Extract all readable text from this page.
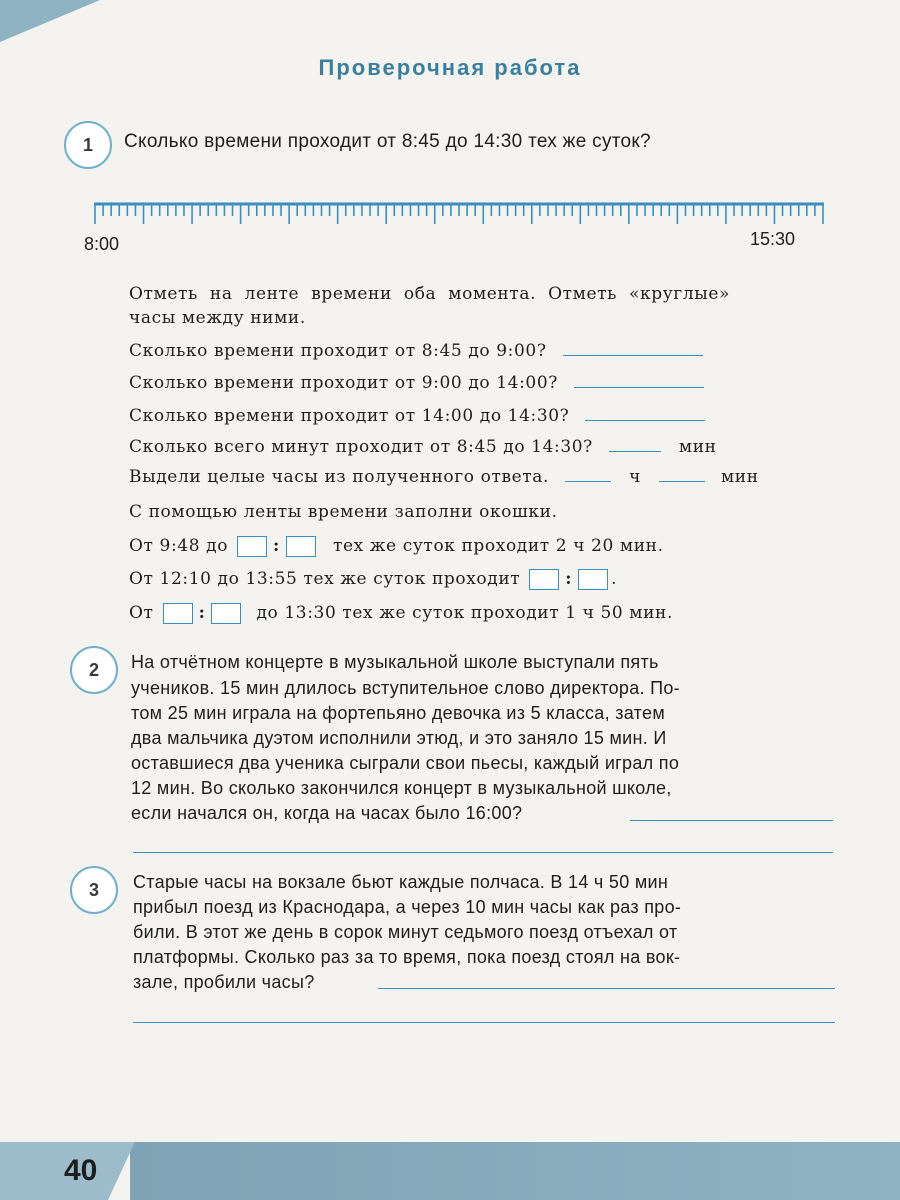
Проверочная работа
1	Сколько времени проходит от 8:45 до 14:30 тех же суток?
8:00	15:30
Отметь на ленте времени оба момента. Отметь «круглые»
часы между ними.
Сколько времени проходит от 8:45 до 9:00?
Сколько времени проходит от 9:00 до 14:00?
Сколько времени проходит от 14:00 до 14:30?
Сколько всего минут проходит от 8:45 до 14:30?	мин
Выдели целые часы из полученного ответа.	ч	мин
С помощью ленты времени заполни окошки.
От 9:48 до	:	тех же суток проходит 2 ч 20 мин.
От 12:10 до 13:55 тех же суток проходит	: .
От	:	до 13:30 тех же суток проходит 1 ч 50 мин.
2	На отчётном концерте в музыкальной школе выступали пять
учеников. 15 мин длилось вступительное слово директора. По-
том 25 мин играла на фортепьяно девочка из 5 класса, затем
два мальчика дуэтом исполнили этюд, и это заняло 15 мин. И
оставшиеся два ученика сыграли свои пьесы, каждый играл по
12 мин. Во сколько закончился концерт в музыкальной школе,
если начался он, когда на часах было 16:00?
3	Старые часы на вокзале бьют каждые полчаса. В 14 ч 50 мин
прибыл поезд из Краснодара, а через 10 мин часы как раз про-
били. В этот же день в сорок минут седьмого поезд отъехал от
платформы. Сколько раз за то время, пока поезд стоял на вок-
зале, пробили часы?
40
